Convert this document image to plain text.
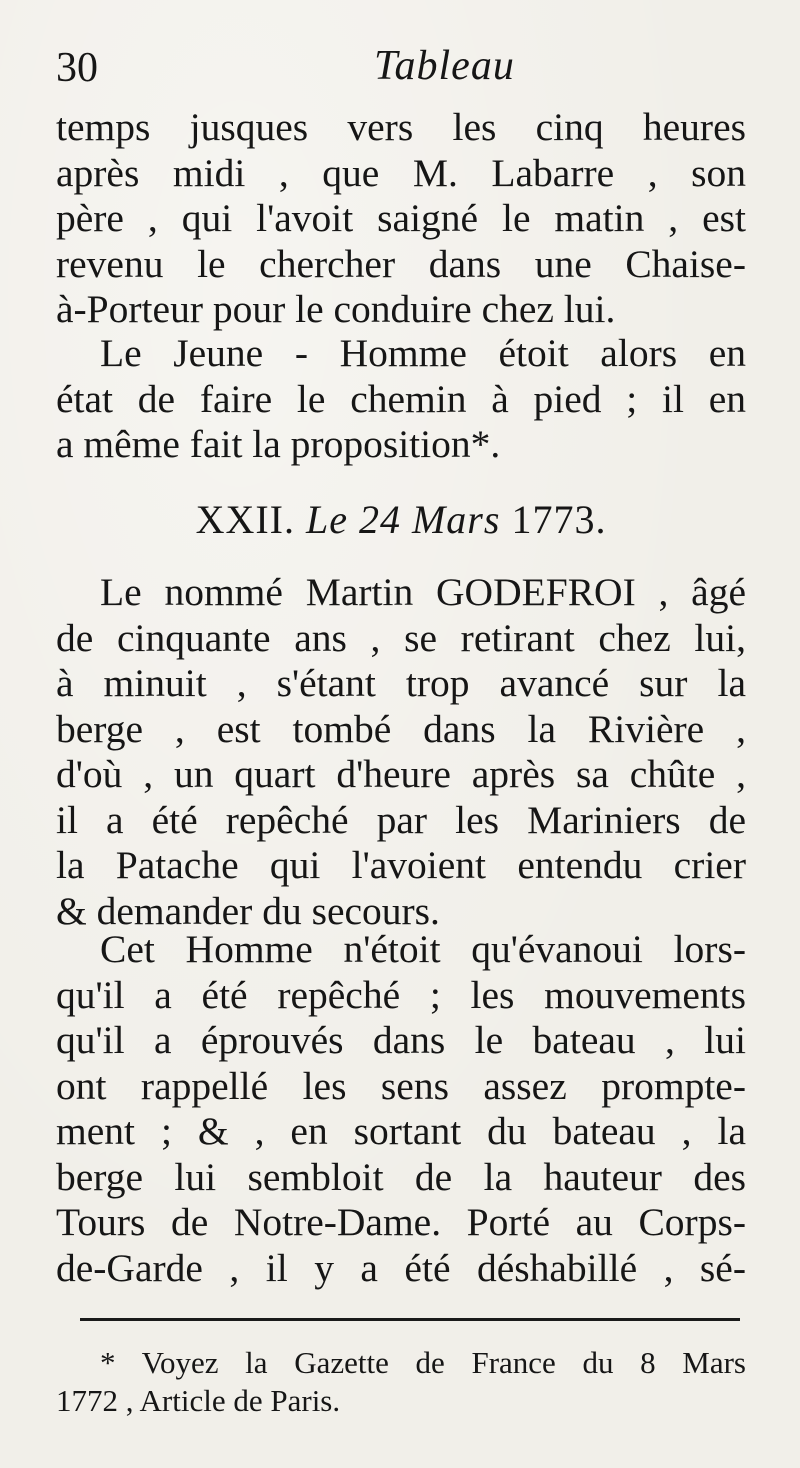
30	Tableau
temps jusques vers les cinq heures
après midi , que M. Labarre , son
père , qui l'avoit saigné le matin , est
revenu le chercher dans une Chaise-
à-Porteur pour le conduire chez lui.
Le Jeune - Homme étoit alors en
état de faire le chemin à pied ; il en
a même fait la proposition*.
XXII. Le 24 Mars 1773.
Le nommé Martin GODEFROI , âgé
de cinquante ans , se retirant chez lui,
à minuit , s'étant trop avancé sur la
berge , est tombé dans la Rivière ,
d'où , un quart d'heure après sa chûte ,
il a été repêché par les Mariniers de
la Patache qui l'avoient entendu crier
& demander du secours.
Cet Homme n'étoit qu'évanoui lors-
qu'il a été repêché ; les mouvements
qu'il a éprouvés dans le bateau , lui
ont rappellé les sens assez prompte-
ment ; & , en sortant du bateau , la
berge lui sembloit de la hauteur des
Tours de Notre-Dame. Porté au Corps-
de-Garde , il y a été déshabillé , sé-
* Voyez la Gazette de France du 8 Mars
1772 , Article de Paris.
